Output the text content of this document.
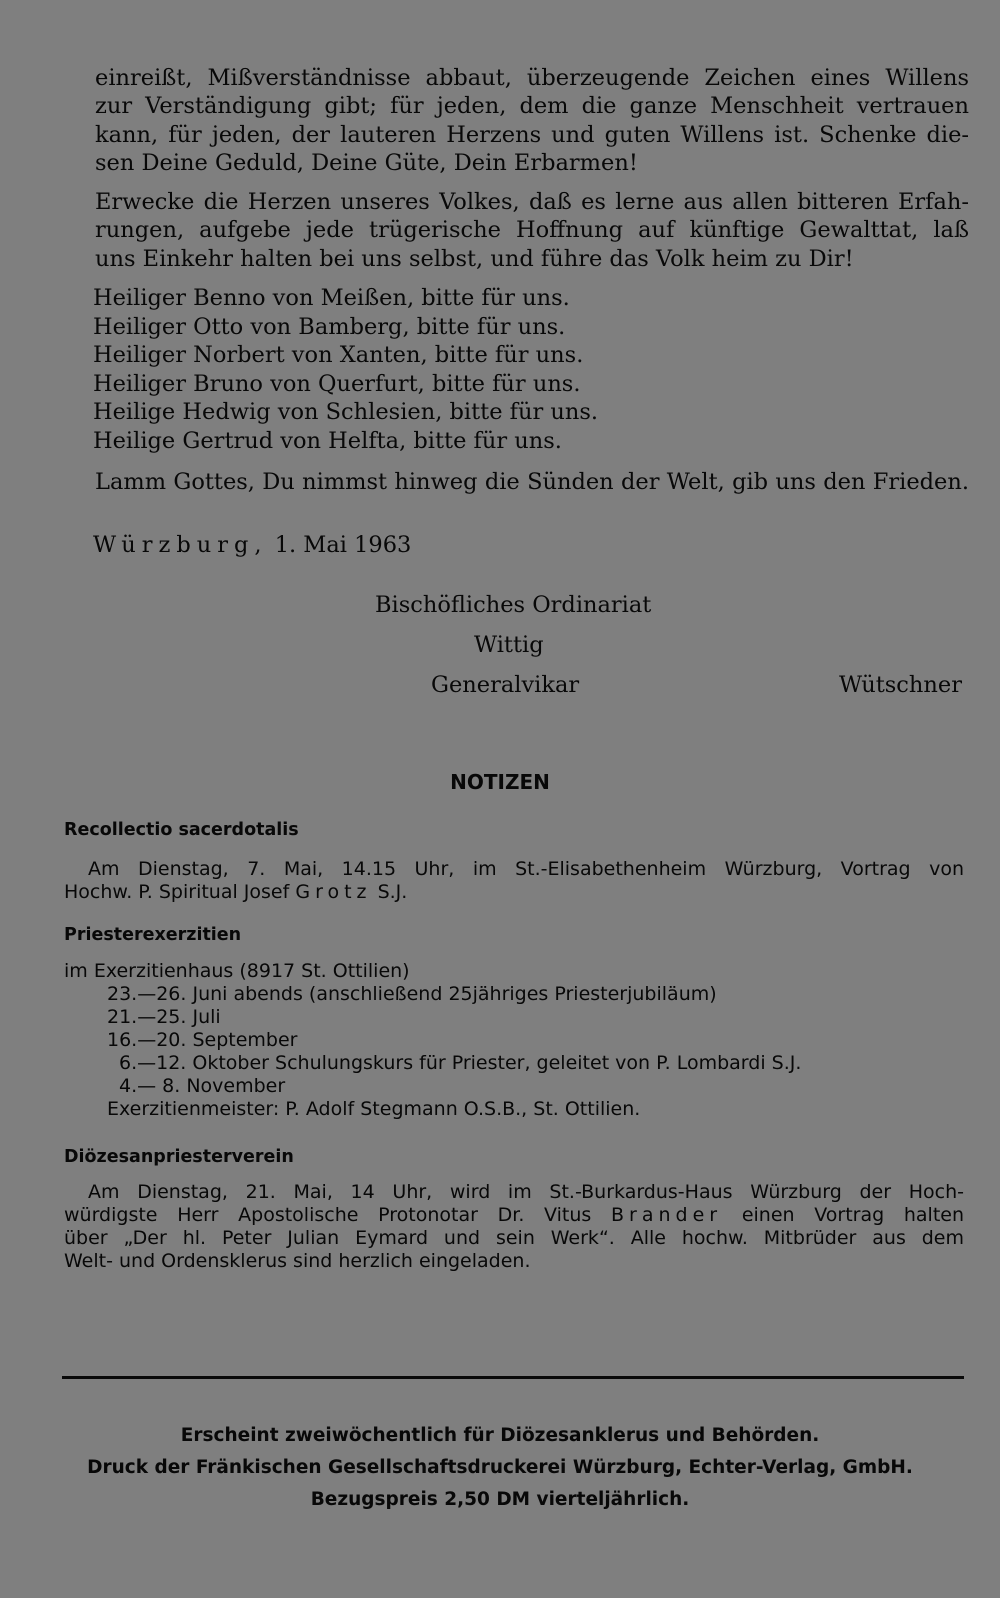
einreißt, Mißverständnisse abbaut, überzeugende Zeichen eines Willens
zur Verständigung gibt; für jeden, dem die ganze Menschheit vertrauen
kann, für jeden, der lauteren Herzens und guten Willens ist. Schenke die-
sen Deine Geduld, Deine Güte, Dein Erbarmen!
Erwecke die Herzen unseres Volkes, daß es lerne aus allen bitteren Erfah-
rungen, aufgebe jede trügerische Hoffnung auf künftige Gewalttat, laß
uns Einkehr halten bei uns selbst, und führe das Volk heim zu Dir!
Heiliger Benno von Meißen, bitte für uns.
Heiliger Otto von Bamberg, bitte für uns.
Heiliger Norbert von Xanten, bitte für uns.
Heiliger Bruno von Querfurt, bitte für uns.
Heilige Hedwig von Schlesien, bitte für uns.
Heilige Gertrud von Helfta, bitte für uns.
Lamm Gottes, Du nimmst hinweg die Sünden der Welt, gib uns den Frieden.
Würzburg, 1. Mai 1963
Bischöfliches Ordinariat
Wittig
Generalvikar	Wütschner
NOTIZEN
Recollectio sacerdotalis
Am Dienstag, 7. Mai, 14.15 Uhr, im St.-Elisabethenheim Würzburg, Vortrag von
Hochw. P. Spiritual Josef Grotz S.J.
Priesterexerzitien
im Exerzitienhaus (8917 St. Ottilien)
23.—26. Juni abends (anschließend 25jähriges Priesterjubiläum)
21.—25. Juli
16.—20. September
6.—12. Oktober Schulungskurs für Priester, geleitet von P. Lombardi S.J.
4.— 8. November
Exerzitienmeister: P. Adolf Stegmann O.S.B., St. Ottilien.
Diözesanpriesterverein
Am Dienstag, 21. Mai, 14 Uhr, wird im St.-Burkardus-Haus Würzburg der Hoch-
würdigste Herr Apostolische Protonotar Dr. Vitus Brander einen Vortrag halten
über „Der hl. Peter Julian Eymard und sein Werk“. Alle hochw. Mitbrüder aus dem
Welt- und Ordensklerus sind herzlich eingeladen.
Erscheint zweiwöchentlich für Diözesanklerus und Behörden.
Druck der Fränkischen Gesellschaftsdruckerei Würzburg, Echter-Verlag, GmbH.
Bezugspreis 2,50 DM vierteljährlich.
